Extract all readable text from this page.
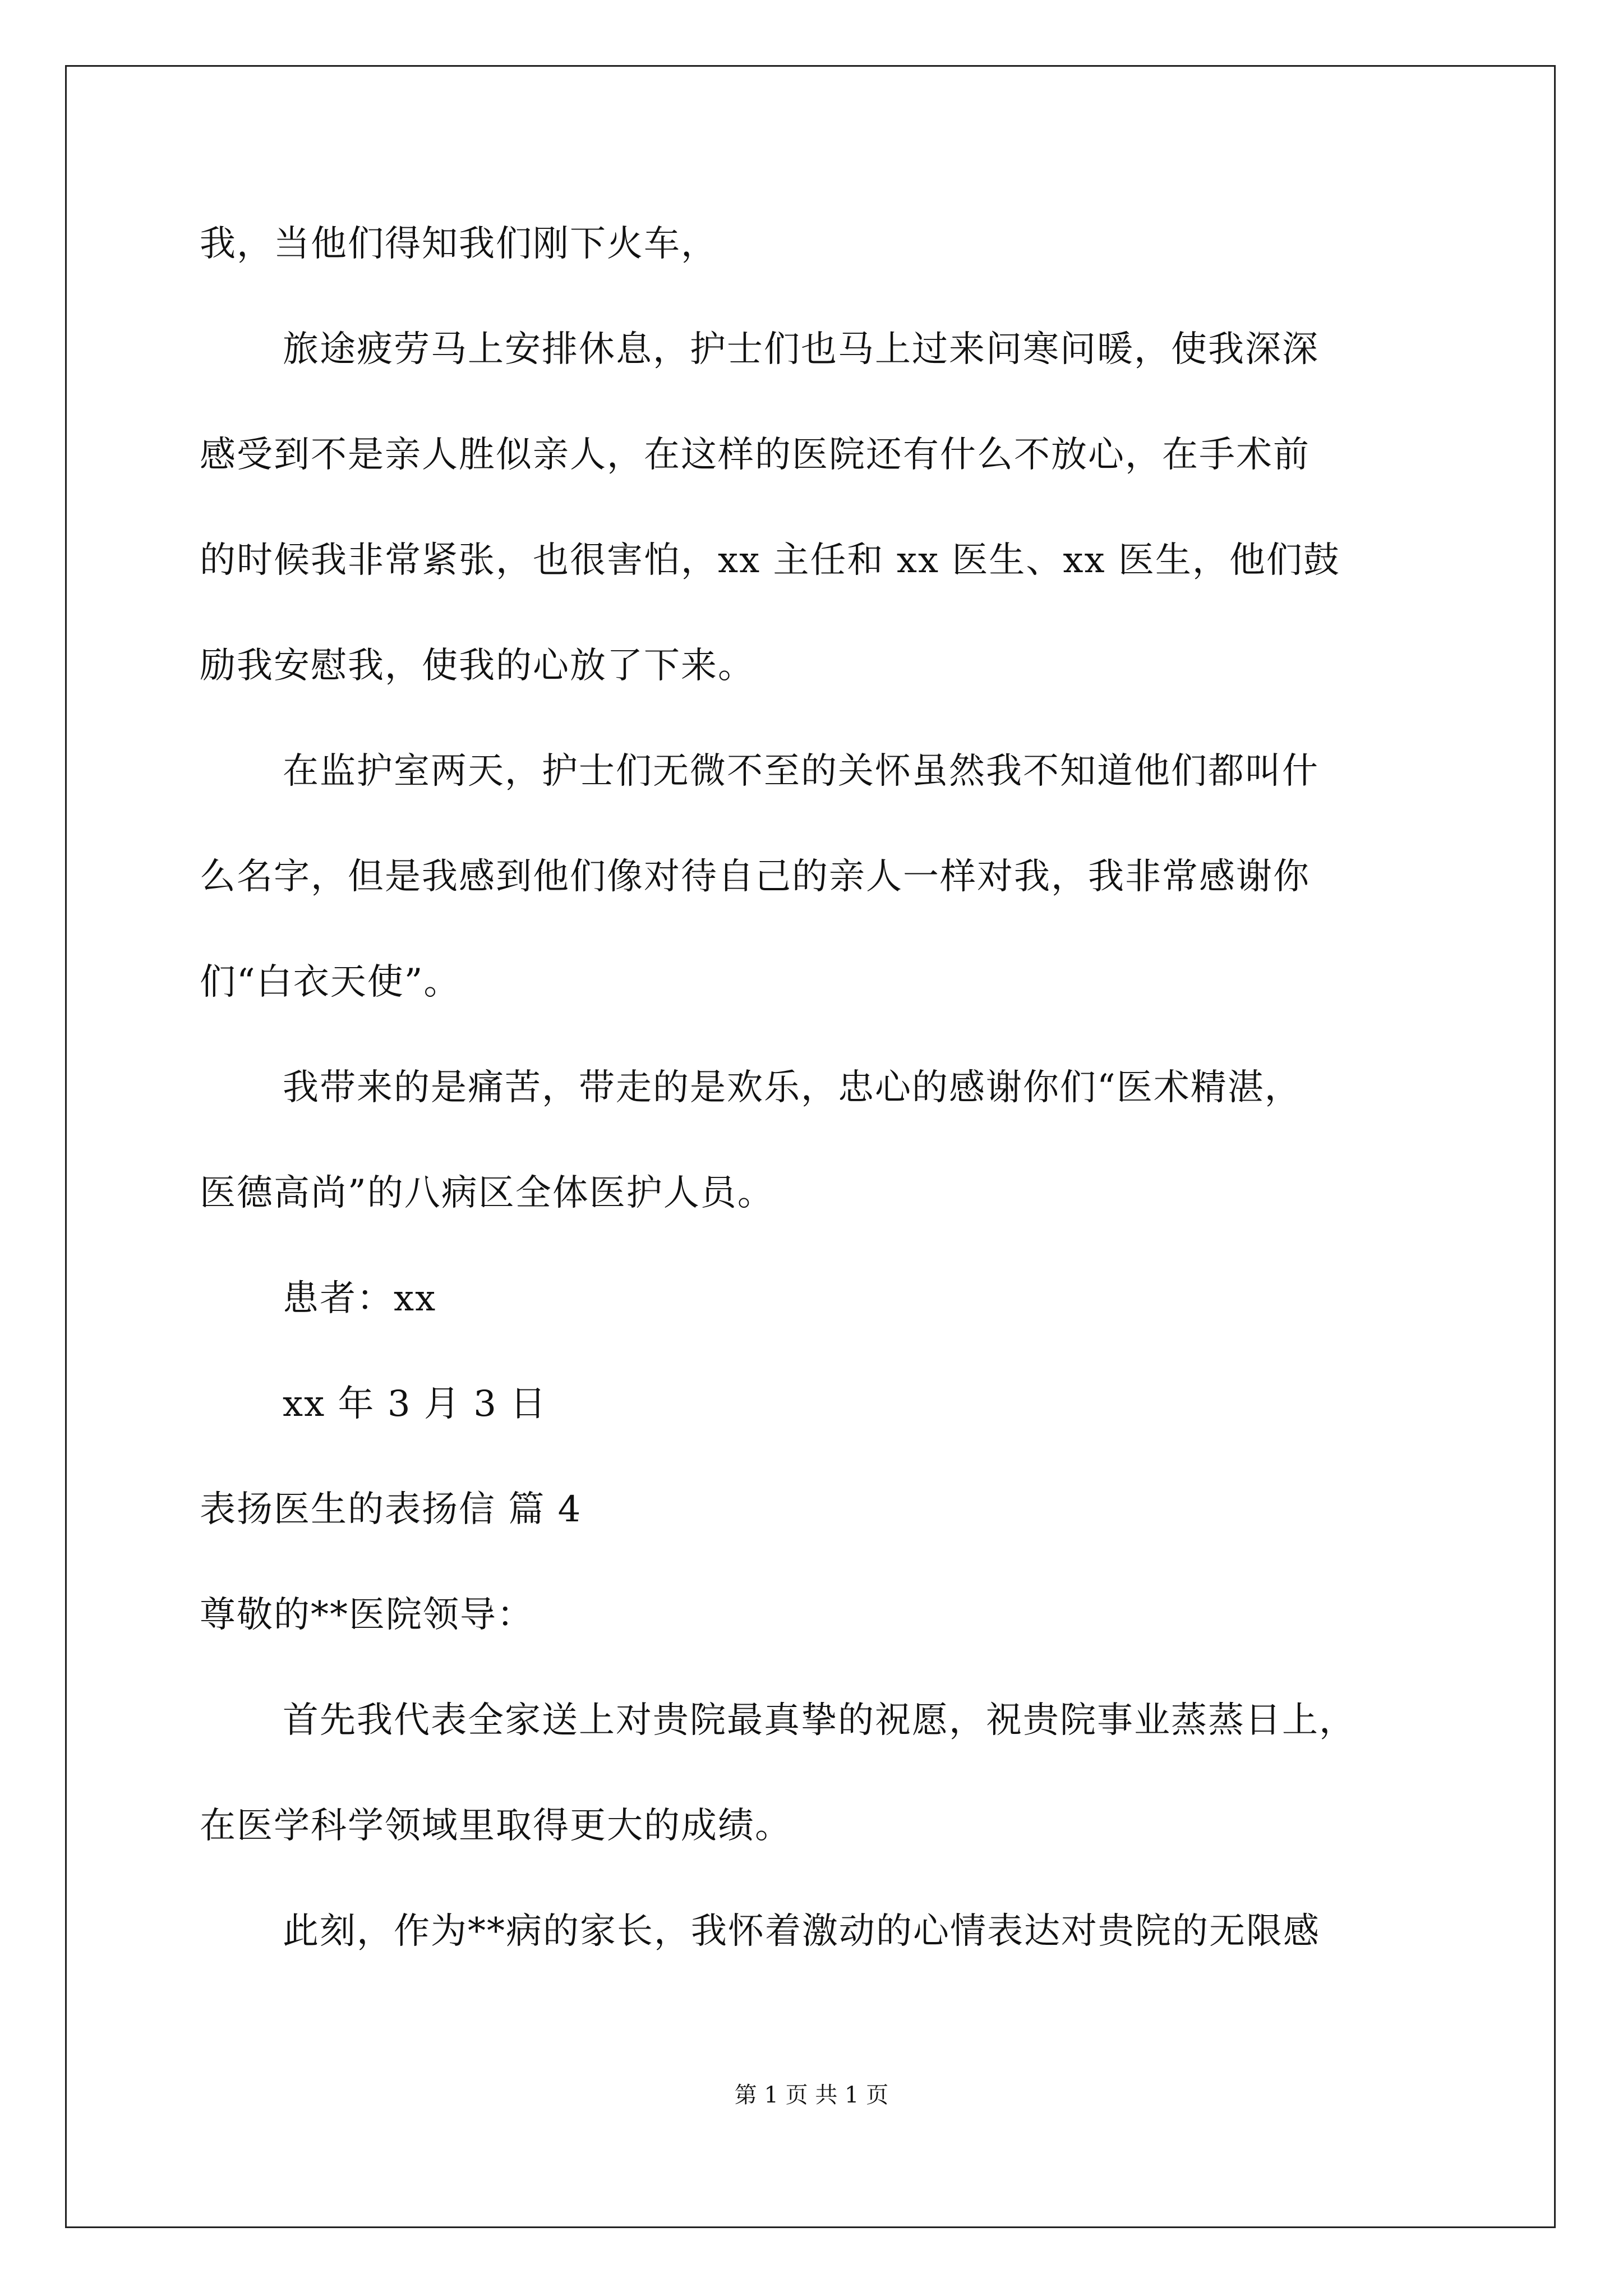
我，当他们得知我们刚下火车，
旅途疲劳马上安排休息，护士们也马上过来问寒问暖，使我深深
感受到不是亲人胜似亲人，在这样的医院还有什么不放心，在手术前
的时候我非常紧张，也很害怕，xx 主任和 xx 医生、xx 医生，他们鼓
励我安慰我，使我的心放了下来。
在监护室两天，护士们无微不至的关怀虽然我不知道他们都叫什
么名字，但是我感到他们像对待自己的亲人一样对我，我非常感谢你
们“白衣天使”。
我带来的是痛苦，带走的是欢乐，忠心的感谢你们“医术精湛，
医德高尚”的八病区全体医护人员。
患者：xx
xx 年 3 月 3 日
表扬医生的表扬信 篇 4
尊敬的**医院领导：
首先我代表全家送上对贵院最真挚的祝愿，祝贵院事业蒸蒸日上，
在医学科学领域里取得更大的成绩。
此刻，作为**病的家长，我怀着激动的心情表达对贵院的无限感
第 1 页 共 1 页
